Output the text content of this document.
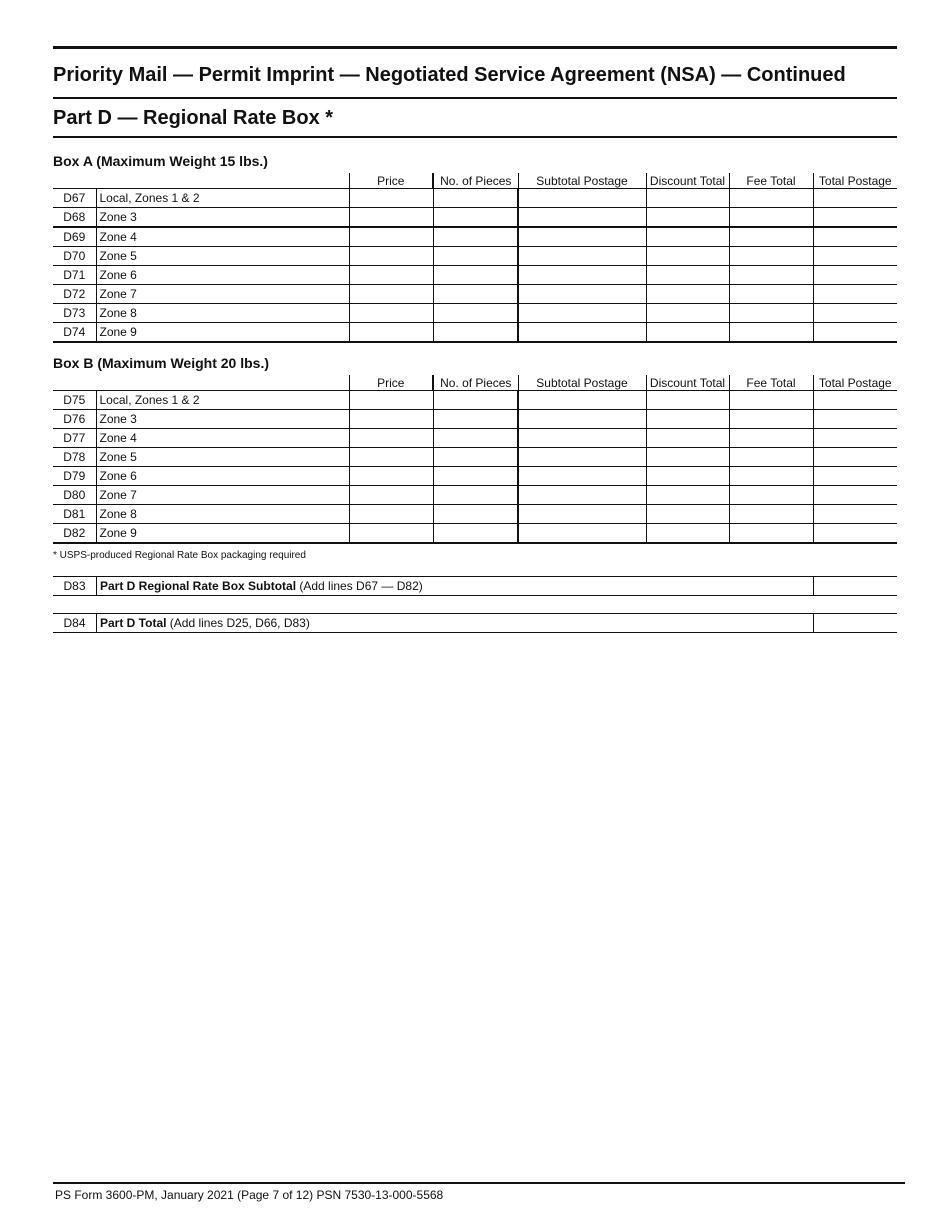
Priority Mail — Permit Imprint — Negotiated Service Agreement (NSA) — Continued
Part D — Regional Rate Box *
Box A (Maximum Weight 15 lbs.)
		Price	No. of Pieces	Subtotal Postage	Discount Total	Fee Total	Total Postage
D67	Local, Zones 1 & 2						
D68	Zone 3						
D69	Zone 4						
D70	Zone 5						
D71	Zone 6						
D72	Zone 7						
D73	Zone 8						
D74	Zone 9						
Box B (Maximum Weight 20 lbs.)
		Price	No. of Pieces	Subtotal Postage	Discount Total	Fee Total	Total Postage
D75	Local, Zones 1 & 2						
D76	Zone 3						
D77	Zone 4						
D78	Zone 5						
D79	Zone 6						
D80	Zone 7						
D81	Zone 8						
D82	Zone 9						
* USPS-produced Regional Rate Box packaging required
D83	Part D Regional Rate Box Subtotal (Add lines D67 — D82)	
D84	Part D Total (Add lines D25, D66, D83)	
PS Form 3600-PM, January 2021 (Page 7 of 12) PSN 7530-13-000-5568
